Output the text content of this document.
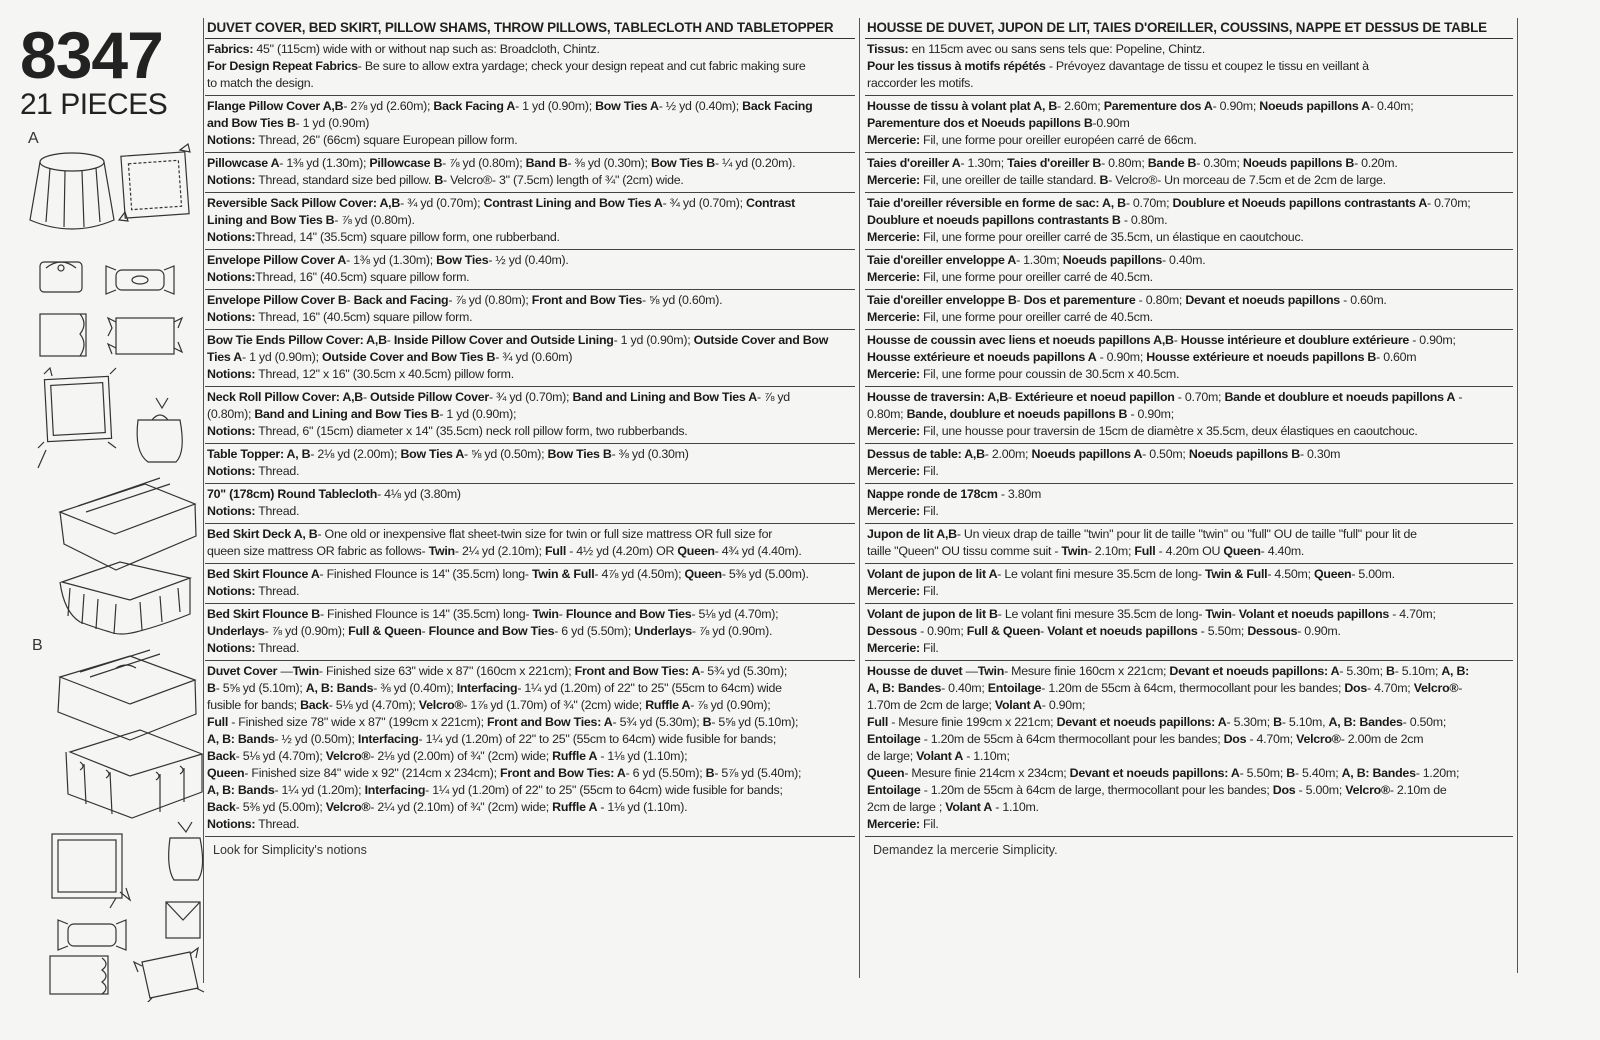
8347
21 PIECES
A
B
DUVET COVER, BED SKIRT, PILLOW SHAMS, THROW PILLOWS, TABLECLOTH AND TABLETOPPER
Fabrics: 45" (115cm) wide with or without nap such as: Broadcloth, Chintz.
For Design Repeat Fabrics- Be sure to allow extra yardage; check your design repeat and cut fabric making sure
to match the design.
Flange Pillow Cover A,B- 2⅞ yd (2.60m); Back Facing A- 1 yd (0.90m); Bow Ties A- ½ yd (0.40m); Back Facing
and Bow Ties B- 1 yd (0.90m)
Notions: Thread, 26" (66cm) square European pillow form.
Pillowcase A- 1⅜ yd (1.30m); Pillowcase B- ⅞ yd (0.80m); Band B- ⅜ yd (0.30m); Bow Ties B- ¼ yd (0.20m).
Notions: Thread, standard size bed pillow. B- Velcro®- 3" (7.5cm) length of ¾" (2cm) wide.
Reversible Sack Pillow Cover: A,B- ¾ yd (0.70m); Contrast Lining and Bow Ties A- ¾ yd (0.70m); Contrast
Lining and Bow Ties B- ⅞ yd (0.80m).
Notions:Thread, 14" (35.5cm) square pillow form, one rubberband.
Envelope Pillow Cover A- 1⅜ yd (1.30m); Bow Ties- ½ yd (0.40m).
Notions:Thread, 16" (40.5cm) square pillow form.
Envelope Pillow Cover B- Back and Facing- ⅞ yd (0.80m); Front and Bow Ties- ⅝ yd (0.60m).
Notions: Thread, 16" (40.5cm) square pillow form.
Bow Tie Ends Pillow Cover: A,B- Inside Pillow Cover and Outside Lining- 1 yd (0.90m); Outside Cover and Bow
Ties A- 1 yd (0.90m); Outside Cover and Bow Ties B- ¾ yd (0.60m)
Notions: Thread, 12" x 16" (30.5cm x 40.5cm) pillow form.
Neck Roll Pillow Cover: A,B- Outside Pillow Cover- ¾ yd (0.70m); Band and Lining and Bow Ties A- ⅞ yd
(0.80m); Band and Lining and Bow Ties B- 1 yd (0.90m);
Notions: Thread, 6" (15cm) diameter x 14" (35.5cm) neck roll pillow form, two rubberbands.
Table Topper: A, B- 2⅛ yd (2.00m); Bow Ties A- ⅝ yd (0.50m); Bow Ties B- ⅜ yd (0.30m)
Notions: Thread.
70" (178cm) Round Tablecloth- 4⅛ yd (3.80m)
Notions: Thread.
Bed Skirt Deck A, B- One old or inexpensive flat sheet-twin size for twin or full size mattress OR full size for
queen size mattress OR fabric as follows- Twin- 2¼ yd (2.10m); Full - 4½ yd (4.20m) OR Queen- 4¾ yd (4.40m).
Bed Skirt Flounce A- Finished Flounce is 14" (35.5cm) long- Twin & Full- 4⅞ yd (4.50m); Queen- 5⅜ yd (5.00m).
Notions: Thread.
Bed Skirt Flounce B- Finished Flounce is 14" (35.5cm) long- Twin- Flounce and Bow Ties- 5⅛ yd (4.70m);
Underlays- ⅞ yd (0.90m); Full & Queen- Flounce and Bow Ties- 6 yd (5.50m); Underlays- ⅞ yd (0.90m).
Notions: Thread.
Duvet Cover —Twin- Finished size 63" wide x 87" (160cm x 221cm); Front and Bow Ties: A- 5¾ yd (5.30m);
B- 5⅝ yd (5.10m); A, B: Bands- ⅜ yd (0.40m); Interfacing- 1¼ yd (1.20m) of 22" to 25" (55cm to 64cm) wide
fusible for bands; Back- 5⅛ yd (4.70m); Velcro®- 1⅞ yd (1.70m) of ¾" (2cm) wide; Ruffle A- ⅞ yd (0.90m);
Full - Finished size 78" wide x 87" (199cm x 221cm); Front and Bow Ties: A- 5¾ yd (5.30m); B- 5⅝ yd (5.10m);
A, B: Bands- ½ yd (0.50m); Interfacing- 1¼ yd (1.20m) of 22" to 25" (55cm to 64cm) wide fusible for bands;
Back- 5⅛ yd (4.70m); Velcro®- 2⅛ yd (2.00m) of ¾" (2cm) wide; Ruffle A - 1⅛ yd (1.10m);
Queen- Finished size 84" wide x 92" (214cm x 234cm); Front and Bow Ties: A- 6 yd (5.50m); B- 5⅞ yd (5.40m);
A, B: Bands- 1¼ yd (1.20m); Interfacing- 1¼ yd (1.20m) of 22" to 25" (55cm to 64cm) wide fusible for bands;
Back- 5⅜ yd (5.00m); Velcro®- 2¼ yd (2.10m) of ¾" (2cm) wide; Ruffle A - 1⅛ yd (1.10m).
Notions: Thread.
Look for Simplicity's notions
HOUSSE DE DUVET, JUPON DE LIT, TAIES D'OREILLER, COUSSINS, NAPPE ET DESSUS DE TABLE
Tissus: en 115cm avec ou sans sens tels que: Popeline, Chintz.
Pour les tissus à motifs répétés - Prévoyez davantage de tissu et coupez le tissu en veillant à
raccorder les motifs.
Housse de tissu à volant plat A, B- 2.60m; Parementure dos A- 0.90m; Noeuds papillons A- 0.40m;
Parementure dos et Noeuds papillons B-0.90m
Mercerie: Fil, une forme pour oreiller européen carré de 66cm.
Taies d'oreiller A- 1.30m; Taies d'oreiller B- 0.80m; Bande B- 0.30m; Noeuds papillons B- 0.20m.
Mercerie: Fil, une oreiller de taille standard. B- Velcro®- Un morceau de 7.5cm et de 2cm de large.
Taie d'oreiller réversible en forme de sac: A, B- 0.70m; Doublure et Noeuds papillons contrastants A- 0.70m;
Doublure et noeuds papillons contrastants B - 0.80m.
Mercerie: Fil, une forme pour oreiller carré de 35.5cm, un élastique en caoutchouc.
Taie d'oreiller enveloppe A- 1.30m; Noeuds papillons- 0.40m.
Mercerie: Fil, une forme pour oreiller carré de 40.5cm.
Taie d'oreiller enveloppe B- Dos et parementure - 0.80m; Devant et noeuds papillons - 0.60m.
Mercerie: Fil, une forme pour oreiller carré de 40.5cm.
Housse de coussin avec liens et noeuds papillons A,B- Housse intérieure et doublure extérieure - 0.90m;
Housse extérieure et noeuds papillons A - 0.90m; Housse extérieure et noeuds papillons B- 0.60m
Mercerie: Fil, une forme pour coussin de 30.5cm x 40.5cm.
Housse de traversin: A,B- Extérieure et noeud papillon - 0.70m; Bande et doublure et noeuds papillons A -
0.80m; Bande, doublure et noeuds papillons B - 0.90m;
Mercerie: Fil, une housse pour traversin de 15cm de diamètre x 35.5cm, deux élastiques en caoutchouc.
Dessus de table: A,B- 2.00m; Noeuds papillons A- 0.50m; Noeuds papillons B- 0.30m
Mercerie: Fil.
Nappe ronde de 178cm - 3.80m
Mercerie: Fil.
Jupon de lit A,B- Un vieux drap de taille "twin" pour lit de taille "twin" ou "full" OU de taille "full" pour lit de
taille "Queen" OU tissu comme suit - Twin- 2.10m; Full - 4.20m OU Queen- 4.40m.
Volant de jupon de lit A- Le volant fini mesure 35.5cm de long- Twin & Full- 4.50m; Queen- 5.00m.
Mercerie: Fil.
Volant de jupon de lit B- Le volant fini mesure 35.5cm de long- Twin- Volant et noeuds papillons - 4.70m;
Dessous - 0.90m; Full & Queen- Volant et noeuds papillons - 5.50m; Dessous- 0.90m.
Mercerie: Fil.
Housse de duvet —Twin- Mesure finie 160cm x 221cm; Devant et noeuds papillons: A- 5.30m; B- 5.10m; A, B:
A, B: Bandes- 0.40m; Entoilage- 1.20m de 55cm à 64cm, thermocollant pour les bandes; Dos- 4.70m; Velcro®-
1.70m de 2cm de large; Volant A- 0.90m;
Full - Mesure finie 199cm x 221cm; Devant et noeuds papillons: A- 5.30m; B- 5.10m, A, B: Bandes- 0.50m;
Entoilage - 1.20m de 55cm à 64cm thermocollant pour les bandes; Dos - 4.70m; Velcro®- 2.00m de 2cm
de large; Volant A - 1.10m;
Queen- Mesure finie 214cm x 234cm; Devant et noeuds papillons: A- 5.50m; B- 5.40m; A, B: Bandes- 1.20m;
Entoilage - 1.20m de 55cm à 64cm de large, thermocollant pour les bandes; Dos - 5.00m; Velcro®- 2.10m de
2cm de large ; Volant A - 1.10m.
Mercerie: Fil.
Demandez la mercerie Simplicity.
